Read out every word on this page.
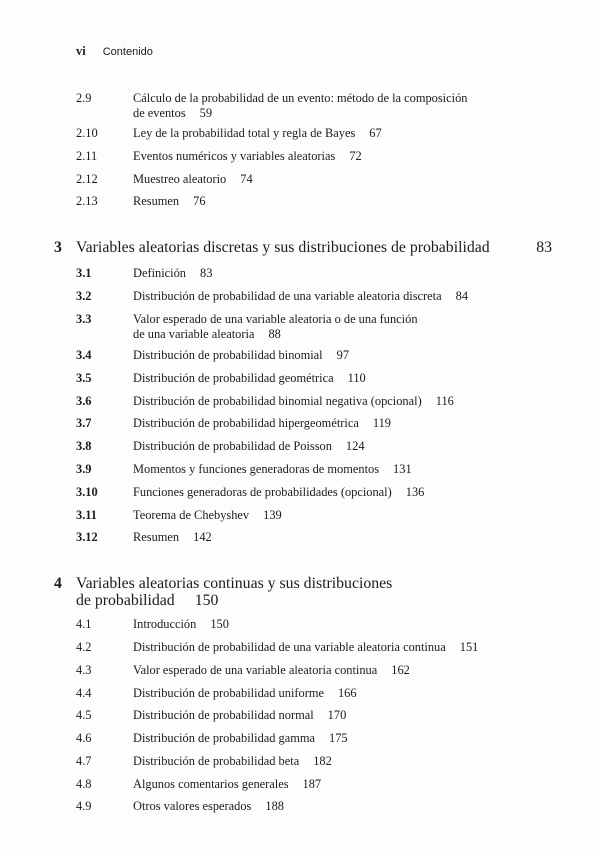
vi Contenido
2.9	Cálculo de la probabilidad de un evento: método de la composición
de eventos 59
2.10	Ley de la probabilidad total y regla de Bayes 67
2.11	Eventos numéricos y variables aleatorias 72
2.12	Muestreo aleatorio 74
2.13	Resumen 76
3 Variables aleatorias discretas y sus distribuciones de probabilidad	83
3.1	Definición 83
3.2	Distribución de probabilidad de una variable aleatoria discreta 84
3.3	Valor esperado de una variable aleatoria o de una función
de una variable aleatoria 88
3.4	Distribución de probabilidad binomial 97
3.5	Distribución de probabilidad geométrica 110
3.6	Distribución de probabilidad binomial negativa (opcional) 116
3.7	Distribución de probabilidad hipergeométrica 119
3.8	Distribución de probabilidad de Poisson 124
3.9	Momentos y funciones generadoras de momentos 131
3.10	Funciones generadoras de probabilidades (opcional) 136
3.11	Teorema de Chebyshev 139
3.12	Resumen 142
4 Variables aleatorias continuas y sus distribuciones
de probabilidad 150
4.1	Introducción 150
4.2	Distribución de probabilidad de una variable aleatoria continua 151
4.3	Valor esperado de una variable aleatoria continua 162
4.4	Distribución de probabilidad uniforme 166
4.5	Distribución de probabilidad normal 170
4.6	Distribución de probabilidad gamma 175
4.7	Distribución de probabilidad beta 182
4.8	Algunos comentarios generales 187
4.9	Otros valores esperados 188
